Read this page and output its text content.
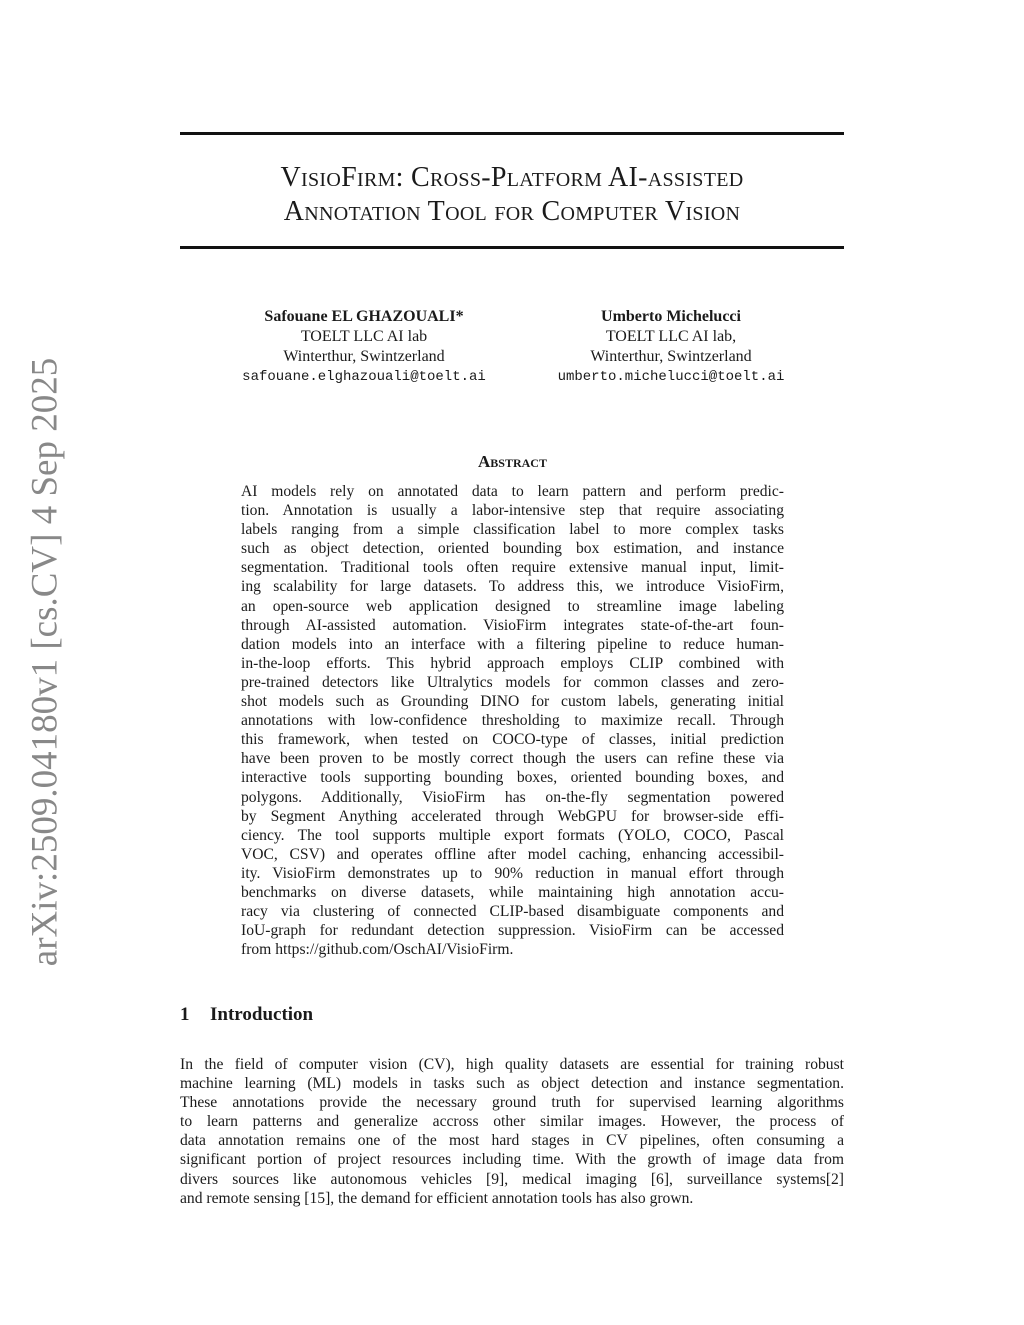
arXiv:2509.04180v1 [cs.CV] 4 Sep 2025
VisioFirm: Cross-Platform AI-assisted
Annotation Tool for Computer Vision
Safouane EL GHAZOUALI*
TOELT LLC AI lab
Winterthur, Swintzerland
safouane.elghazouali@toelt.ai
Umberto Michelucci
TOELT LLC AI lab,
Winterthur, Swintzerland
umberto.michelucci@toelt.ai
Abstract
AI models rely on annotated data to learn pattern and perform predic-
tion. Annotation is usually a labor-intensive step that require associating
labels ranging from a simple classification label to more complex tasks
such as object detection, oriented bounding box estimation, and instance
segmentation. Traditional tools often require extensive manual input, limit-
ing scalability for large datasets. To address this, we introduce VisioFirm,
an open-source web application designed to streamline image labeling
through AI-assisted automation. VisioFirm integrates state-of-the-art foun-
dation models into an interface with a filtering pipeline to reduce human-
in-the-loop efforts. This hybrid approach employs CLIP combined with
pre-trained detectors like Ultralytics models for common classes and zero-
shot models such as Grounding DINO for custom labels, generating initial
annotations with low-confidence thresholding to maximize recall. Through
this framework, when tested on COCO-type of classes, initial prediction
have been proven to be mostly correct though the users can refine these via
interactive tools supporting bounding boxes, oriented bounding boxes, and
polygons. Additionally, VisioFirm has on-the-fly segmentation powered
by Segment Anything accelerated through WebGPU for browser-side effi-
ciency. The tool supports multiple export formats (YOLO, COCO, Pascal
VOC, CSV) and operates offline after model caching, enhancing accessibil-
ity. VisioFirm demonstrates up to 90% reduction in manual effort through
benchmarks on diverse datasets, while maintaining high annotation accu-
racy via clustering of connected CLIP-based disambiguate components and
IoU-graph for redundant detection suppression. VisioFirm can be accessed
from https://github.com/OschAI/VisioFirm.
1 Introduction
In the field of computer vision (CV), high quality datasets are essential for training robust
machine learning (ML) models in tasks such as object detection and instance segmentation.
These annotations provide the necessary ground truth for supervised learning algorithms
to learn patterns and generalize accross other similar images. However, the process of
data annotation remains one of the most hard stages in CV pipelines, often consuming a
significant portion of project resources including time. With the growth of image data from
divers sources like autonomous vehicles [9], medical imaging [6], surveillance systems[2]
and remote sensing [15], the demand for efficient annotation tools has also grown.
